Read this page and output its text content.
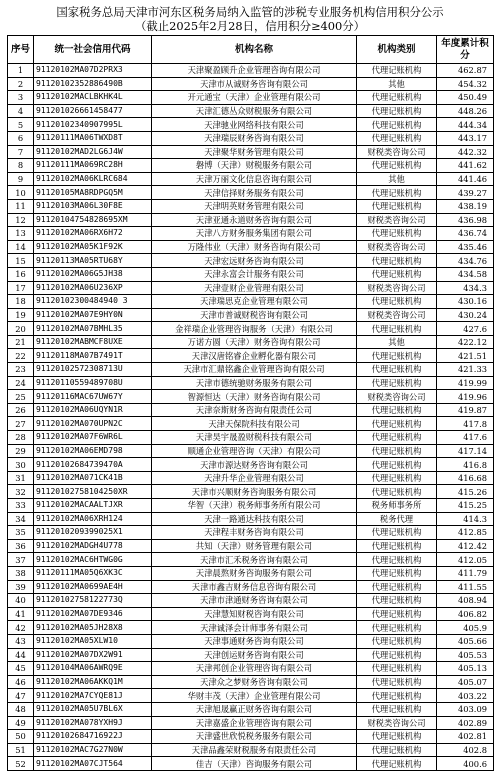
国家税务总局天津市河东区税务局纳入监管的涉税专业服务机构信用积分公示
（截止2025年2月28日，信用积分≥400分）
序号	统一社会信用代码	机构名称	机构类别	年度累计积分
1	91120102MA07D2PRX3	天津聚盈顾升企业管理咨询有限公司	代理记账机构	462.87
2	91120102352886490B	天津市从诚财务咨询有限公司	其他	454.32
3	91120102MACLBKHK4L	开元通宝（天津）企业管理有限公司	代理记账机构	450.49
4	911201026661458477	天津汇德丛众财税服务有限公司	代理记账机构	448.26
5	91120102340907995L	天津驰业网络科技有限公司	代理记账机构	444.34
6	91120111MA06TWXD8T	天津瑞辰财务咨询有限公司	代理记账机构	443.17
7	91120102MAD2LG6J4W	天津聚华财务管理有限公司	财税类咨询公司	442.32
8	91120111MA069RC28H	磐博（天津）财税服务有限公司	代理记账机构	441.62
9	91120102MA06KLRC684	天津万丽文化信息咨询有限公司	其他	441.46
10	91120105MA8RDPGQ5M	天津信择财务服务有限公司	代理记账机构	439.27
11	91120103MA06L30F8E	天津明英财务管理有限公司	代理记账机构	438.19
12	91120104754828695XM	天津亚通永道财务咨询有限公司	财税类咨询公司	436.98
13	91120102MA06RX6H72	天津八方财务服务集团有限公司	代理记账机构	436.74
14	91120102MA05K1F92K	万隆伟业（天津）财务咨询有限公司	财税类咨询公司	435.46
15	91120113MA05RTU68Y	天津宏远财务咨询有限公司	代理记账机构	434.76
16	91120102MA06G5JH38	天津永富会计服务有限公司	代理记账机构	434.58
17	91120102MA06U236XP	天津壹财企业管理有限公司	财税类咨询公司	434.3
18	91120102300484940 3	天津瑞思克企业管理有限公司	代理记账机构	430.16
19	91120102MA07E9HY0N	天津市普诚财税咨询有限公司	财税类咨询公司	430.24
20	91120102MA07BMHL35	金祥瑞企业管理咨询服务（天津）有限公司	代理记账机构	427.6
21	91120102MABMCF8UXE	万诺方圆（天津）财务咨询有限公司	其他	422.12
22	91120118MA07B7491T	天津汉唐铭睿企业孵化器有限公司	代理记账机构	421.51
23	91120102572308713U	天津市汇鼎铭鑫企业管理咨询有限公司	代理记账机构	421.33
24	91120110559489708U	天津市德统驰财务服务有限公司	代理记账机构	419.99
25	91120116MAC67UW67Y	智源恒达（天津）财务咨询有限公司	财税类咨询公司	419.96
26	91120102MA06UQYN1R	天津奈斯财务咨询有限责任公司	代理记账机构	419.87
27	91120102MA070UPN2C	天津天保院科技有限公司	代理记账机构	417.8
28	91120102MA07F6WR6L	天津昊宇晟盈财税科技有限公司	代理记账机构	417.6
29	91120102MA06EMD798	顺通企业管理咨询（天津）有限公司	代理记账机构	417.14
30	91120102684739470A	天津市源达财务咨询有限公司	代理记账机构	416.8
31	91120102MA071CK41B	天津升华企业管理有限公司	代理记账机构	416.68
32	91120102758104250XR	天津市兴顺财务咨询服务有限公司	代理记账机构	415.26
33	91120102MACAALTJXR	华智（天津）税务师事务所有限公司	税务师事务所	415.25
34	91120102MA06XRH124	天津一路通达科技有限公司	税务代理	414.3
35	9112010209399025X1	天津程丰财务咨询有限公司	代理记账机构	412.85
36	91120102MADGH4U778	共知（天津）财务管理有限公司	代理记账机构	412.42
37	91120102MAC6HTWG0G	天津市汇禾税务咨询有限公司	代理记账机构	412.05
38	91120111MA05Q6XK3C	天津晨熬财务咨询服务有限公司	代理记账机构	411.79
39	91120102MA0699AE4H	天津市鑫吉财务信息咨询有限公司	代理记账机构	411.55
40	91120102758122773Q	天津市津通财务咨询有限公司	代理记账机构	408.94
41	91120102MA07DE9346	天津慧知财税咨询有限公司	代理记账机构	406.82
42	91120102MA05JH28X8	天津诚泽会计师事务有限公司	代理记账机构	405.9
43	91120102MA05XLW10	天津事通财务咨询有限公司	代理记账机构	405.66
44	91120102MA07DX2W91	天津创运财务咨询有限公司	代理记账机构	405.53
45	91120104MA06AWRQ9E	天津邦创企业管理咨询有限公司	代理记账机构	405.13
46	91120102MA06AKKQ1M	天津众之梦财务咨询有限公司	代理记账机构	405.07
47	91120102MA7CYQE81J	华财丰茂（天津）企业管理有限公司	代理记账机构	403.22
48	91120102MA05U7BL6X	天津旭晟赢正财务咨询有限公司	代理记账机构	403.09
49	91120102MA078YXH9J	天津嘉盛企业管理咨询有限公司	财税类咨询公司	402.89
50	91120102684716922J	天津盛世欣悦税务服务有限公司	代理记账机构	402.81
51	91120102MAC7G27N0W	天津品鑫荣财税服务有限责任公司	代理记账机构	402.8
52	91120102MA07CJT564	佳吉（天津）咨询服务有限公司	代理记账机构	400.6
